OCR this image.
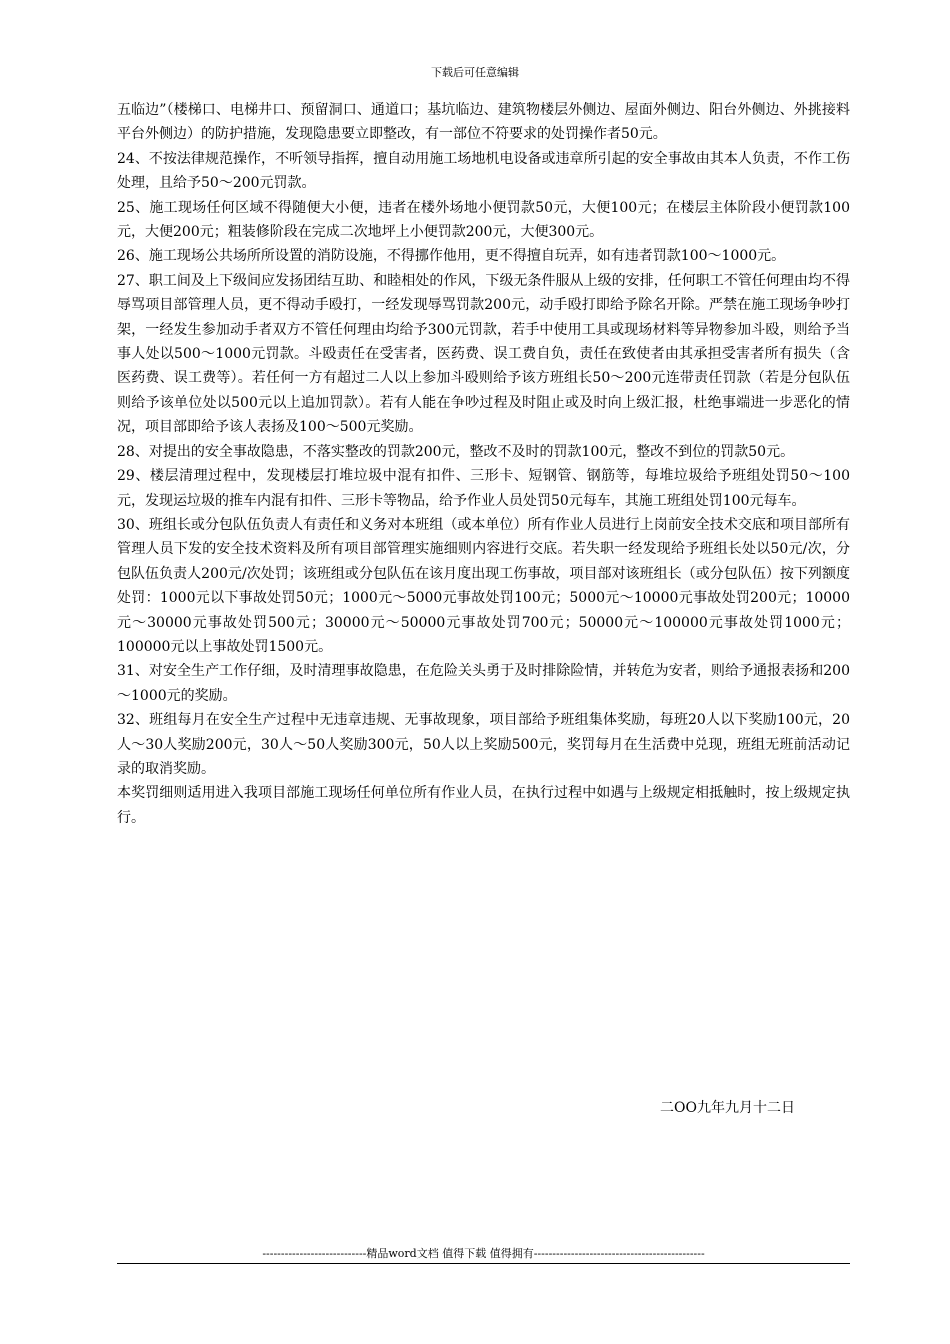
下载后可任意编辑

五临边”（楼梯口、电梯井口、预留洞口、通道口；基坑临边、建筑物楼层外侧边、屋面外侧边、阳台外侧边、外挑接料平台外侧边）的防护措施，发现隐患要立即整改，有一部位不符要求的处罚操作者50元。

24、不按法律规范操作，不听领导指挥，擅自动用施工场地机电设备或违章所引起的安全事故由其本人负责，不作工伤处理，且给予50～200元罚款。

25、施工现场任何区域不得随便大小便，违者在楼外场地小便罚款50元，大便100元；在楼层主体阶段小便罚款100元，大便200元；粗装修阶段在完成二次地坪上小便罚款200元，大便300元。

26、施工现场公共场所所设置的消防设施，不得挪作他用，更不得擅自玩弄，如有违者罚款100～1000元。

27、职工间及上下级间应发扬团结互助、和睦相处的作风，下级无条件服从上级的安排，任何职工不管任何理由均不得辱骂项目部管理人员，更不得动手殴打，一经发现辱骂罚款200元，动手殴打即给予除名开除。严禁在施工现场争吵打架，一经发生参加动手者双方不管任何理由均给予300元罚款，若手中使用工具或现场材料等异物参加斗殴，则给予当事人处以500～1000元罚款。斗殴责任在受害者，医药费、误工费自负，责任在致使者由其承担受害者所有损失（含医药费、误工费等）。若任何一方有超过二人以上参加斗殴则给予该方班组长50～200元连带责任罚款（若是分包队伍则给予该单位处以500元以上追加罚款）。若有人能在争吵过程及时阻止或及时向上级汇报，杜绝事端进一步恶化的情况，项目部即给予该人表扬及100～500元奖励。

28、对提出的安全事故隐患，不落实整改的罚款200元，整改不及时的罚款100元，整改不到位的罚款50元。

29、楼层清理过程中，发现楼层打堆垃圾中混有扣件、三形卡、短钢管、钢筋等，每堆垃圾给予班组处罚50～100元，发现运垃圾的推车内混有扣件、三形卡等物品，给予作业人员处罚50元每车，其施工班组处罚100元每车。

30、班组长或分包队伍负责人有责任和义务对本班组（或本单位）所有作业人员进行上岗前安全技术交底和项目部所有管理人员下发的安全技术资料及所有项目部管理实施细则内容进行交底。若失职一经发现给予班组长处以50元/次，分包队伍负责人200元/次处罚；该班组或分包队伍在该月度出现工伤事故，项目部对该班组长（或分包队伍）按下列额度处罚：1000元以下事故处罚50元；1000元～5000元事故处罚100元；5000元～10000元事故处罚200元；10000元～30000元事故处罚500元；30000元～50000元事故处罚700元；50000元～100000元事故处罚1000元； 100000元以上事故处罚1500元。

31、对安全生产工作仔细，及时清理事故隐患，在危险关头勇于及时排除险情，并转危为安者，则给予通报表扬和200～1000元的奖励。

32、班组每月在安全生产过程中无违章违规、无事故现象，项目部给予班组集体奖励，每班20人以下奖励100元，20人～30人奖励200元，30人～50人奖励300元，50人以上奖励500元，奖罚每月在生活费中兑现，班组无班前活动记录的取消奖励。

本奖罚细则适用进入我项目部施工现场任何单位所有作业人员，在执行过程中如遇与上级规定相抵触时，按上级规定执行。

二OO九年九月十二日
----------------------------精品word文档 值得下载 值得拥有----------------------------------------------
